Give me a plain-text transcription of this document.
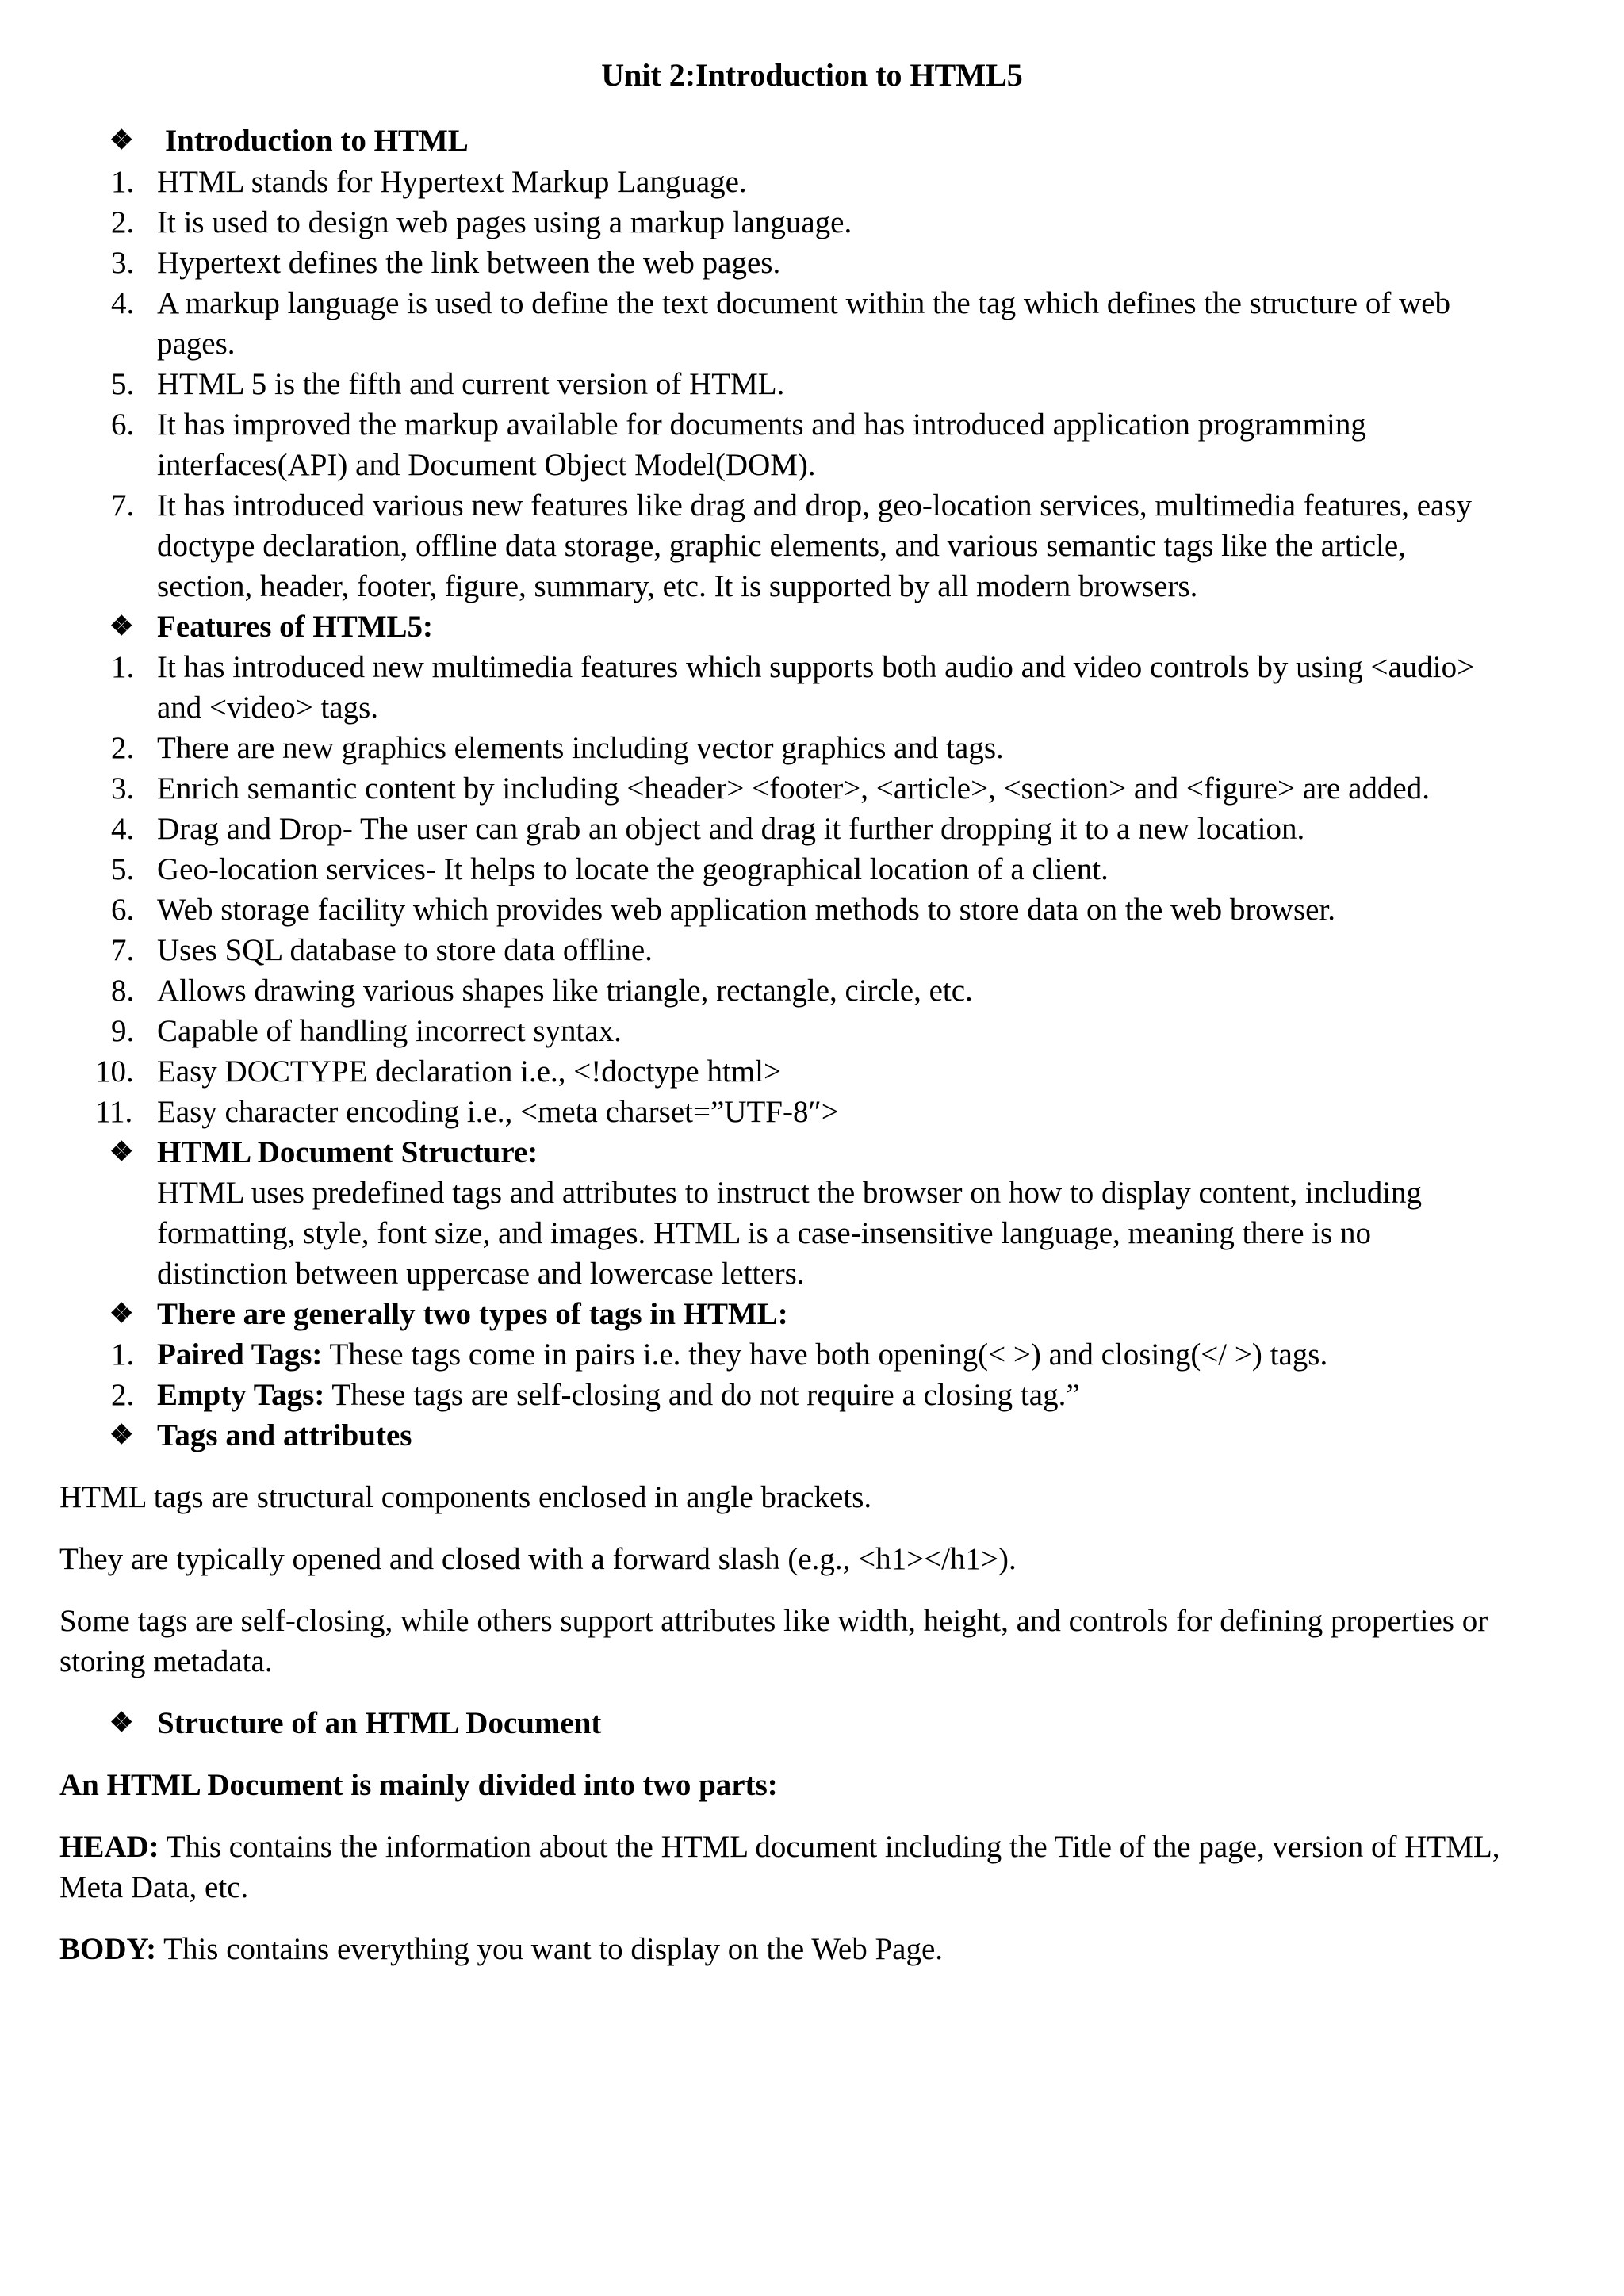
Unit 2:Introduction to HTML5
❖ Introduction to HTML
1. HTML stands for Hypertext Markup Language.
2. It is used to design web pages using a markup language.
3. Hypertext defines the link between the web pages.
4. A markup language is used to define the text document within the tag which defines the structure of web
pages.
5. HTML 5 is the fifth and current version of HTML.
6. It has improved the markup available for documents and has introduced application programming
interfaces(API) and Document Object Model(DOM).
7. It has introduced various new features like drag and drop, geo-location services, multimedia features, easy
doctype declaration, offline data storage, graphic elements, and various semantic tags like the article,
section, header, footer, figure, summary, etc. It is supported by all modern browsers.
❖ Features of HTML5:
1. It has introduced new multimedia features which supports both audio and video controls by using <audio>
and <video> tags.
2. There are new graphics elements including vector graphics and tags.
3. Enrich semantic content by including <header> <footer>, <article>, <section> and <figure> are added.
4. Drag and Drop- The user can grab an object and drag it further dropping it to a new location.
5. Geo-location services- It helps to locate the geographical location of a client.
6. Web storage facility which provides web application methods to store data on the web browser.
7. Uses SQL database to store data offline.
8. Allows drawing various shapes like triangle, rectangle, circle, etc.
9. Capable of handling incorrect syntax.
10. Easy DOCTYPE declaration i.e., <!doctype html>
11. Easy character encoding i.e., <meta charset=”UTF-8″>
❖ HTML Document Structure:
HTML uses predefined tags and attributes to instruct the browser on how to display content, including
formatting, style, font size, and images. HTML is a case-insensitive language, meaning there is no
distinction between uppercase and lowercase letters.
❖ There are generally two types of tags in HTML:
1. Paired Tags: These tags come in pairs i.e. they have both opening(< >) and closing(</ >) tags.
2. Empty Tags: These tags are self-closing and do not require a closing tag.”
❖ Tags and attributes
HTML tags are structural components enclosed in angle brackets.
They are typically opened and closed with a forward slash (e.g., <h1></h1>).
Some tags are self-closing, while others support attributes like width, height, and controls for defining properties or
storing metadata.
❖ Structure of an HTML Document
An HTML Document is mainly divided into two parts:
HEAD: This contains the information about the HTML document including the Title of the page, version of HTML,
Meta Data, etc.
BODY: This contains everything you want to display on the Web Page.
